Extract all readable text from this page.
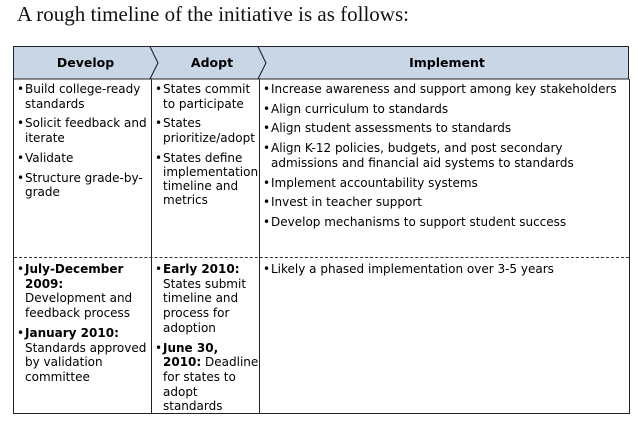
A rough timeline of the initiative is as follows:
Develop	Adopt	Implement
• Build college-ready standards
• Solicit feedback and iterate
• Validate
• Structure grade-by-grade
• States commit to participate
• States prioritize/adopt
• States define implementation timeline and metrics
• Increase awareness and support among key stakeholders
• Align curriculum to standards
• Align student assessments to standards
• Align K-12 policies, budgets, and post secondary admissions and financial aid systems to standards
• Implement accountability systems
• Invest in teacher support
• Develop mechanisms to support student success
• July-December 2009:
Development and feedback process
• January 2010:
Standards approved by validation committee
• Early 2010: States submit timeline and process for adoption
• June 30, 2010: Deadline for states to adopt standards
• Likely a phased implementation over 3-5 years
